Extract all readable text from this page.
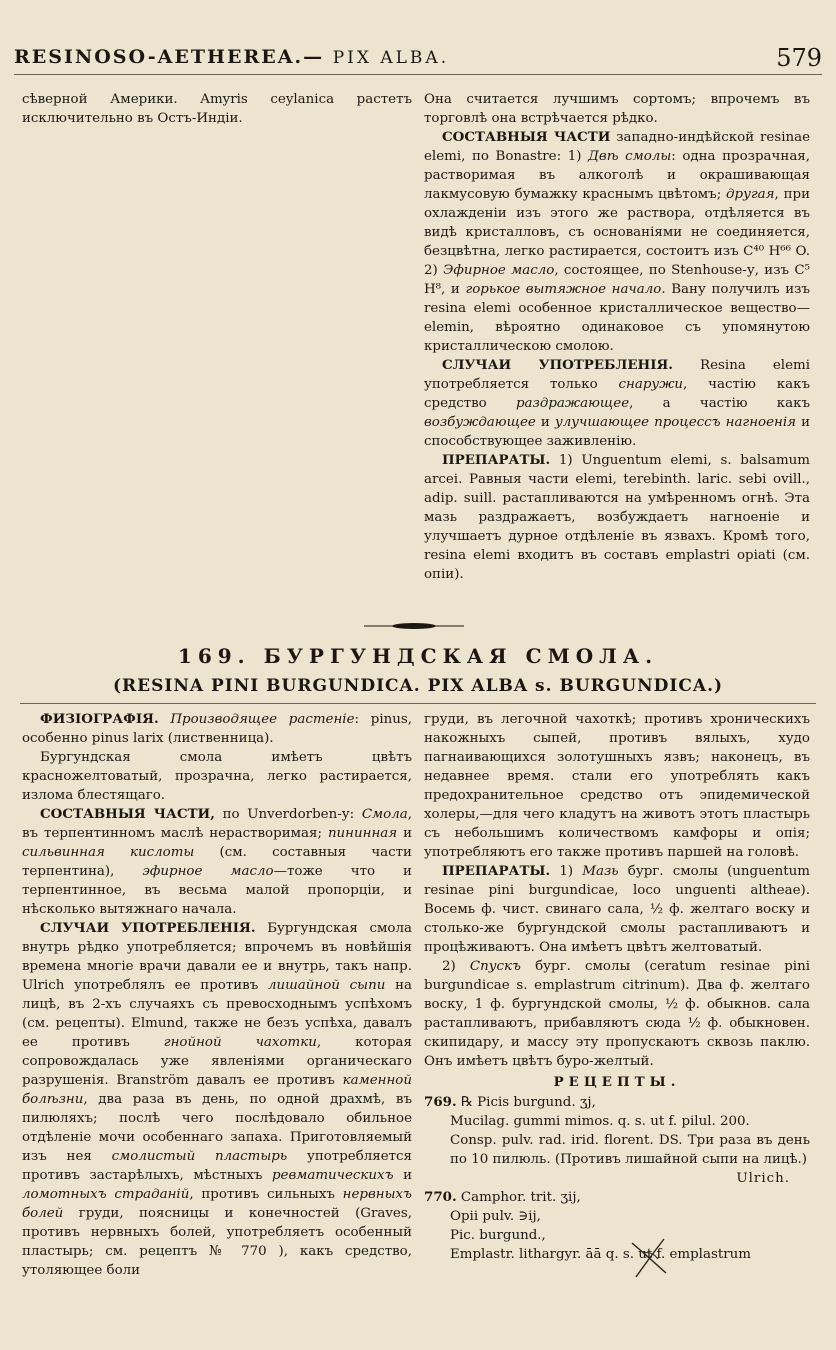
RESINOSO-AETHEREA.— PIX ALBA.	579

сѣверной Америки. Amyris ceylanica растетъ исключительно въ Остъ-Индіи.

Она считается лучшимъ сортомъ; впрочемъ въ торговлѣ она встрѣчается рѣдко.

СОСТАВНЫЯ ЧАСТИ западно-индѣйской resinae elemi, по Bonastre: 1) Двѣ смолы: одна прозрачная, растворимая въ алкоголѣ и окрашивающая лакмусовую бумажку краснымъ цвѣтомъ; другая, при охлажденіи изъ этого же раствора, отдѣляется въ видѣ кристалловъ, съ основаніями не соединяется, безцвѣтна, легко растирается, состоитъ изъ C⁴⁰ H⁶⁶ O. 2) Эфирное масло, состоящее, по Stenhouse-у, изъ C⁵ H⁸, и горькое вытяжное начало. Вану получилъ изъ resina elemi особенное кристаллическое вещество—elemin, вѣроятно одинаковое съ упомянутою кристаллическою смолою.

СЛУЧАИ УПОТРЕБЛЕНІЯ. Resina elemi употребляется только снаружи, частію какъ средство раздражающее, а частію какъ возбуждающее и улучшающее процессъ нагноенія и способствующее заживленію.

ПРЕПАРАТЫ. 1) Unguentum elemi, s. balsamum arcei. Равныя части elemi, terebinth. laric. sebi ovill., adip. suill. растапливаются на умѣренномъ огнѣ. Эта мазь раздражаетъ, возбуждаетъ нагноеніе и улучшаетъ дурное отдѣленіе въ язвахъ. Кромѣ того, resina elemi входитъ въ составъ emplastri opiati (см. опіи).

169. БУРГУНДСКАЯ СМОЛА.
(RESINA PINI BURGUNDICA. PIX ALBA s. BURGUNDICA.)

ФИЗІОГРАФІЯ. Производящее растеніе: pinus, особенно pinus larix (лиственница).

Бургундская смола имѣетъ цвѣтъ красножелтоватый, прозрачна, легко растирается, излома блестящаго.

СОСТАВНЫЯ ЧАСТИ, по Unverdorben-у: Смола, въ терпентинномъ маслѣ нерастворимая; пининная и сильвинная кислоты (см. составныя части терпентина), эфирное масло—тоже что и терпентинное, въ весьма малой пропорціи, и нѣсколько вытяжнаго начала.

СЛУЧАИ УПОТРЕБЛЕНІЯ. Бургундская смола внутрь рѣдко употребляется; впрочемъ въ новѣйшія времена многіе врачи давали ее и внутрь, такъ напр. Ulrich употреблялъ ее противъ лишайной сыпи на лицѣ, въ 2-хъ случаяхъ съ превосходнымъ успѣхомъ (см. рецепты). Elmund, также не безъ успѣха, давалъ ее противъ	гнойной чахотки, которая сопровождалась уже явленіями органическаго разрушенія. Branström давалъ ее противъ каменной болѣзни, два раза въ день, по одной драхмѣ, въ пилюляхъ; послѣ чего послѣдовало обильное отдѣленіе мочи особеннаго запаха. Приготовляемый изъ нея смолистый пластырь употребляется противъ застарѣлыхъ, мѣстныхъ ревматическихъ и ломотныхъ страданій, противъ сильныхъ нервныхъ болей груди, поясницы и конечностей (Graves, противъ нервныхъ болей, употребляетъ особенный пластырь; см. рецептъ № 770 ), какъ средство, утоляющее боли

груди, въ легочной чахоткѣ; противъ хроническихъ накожныхъ сыпей, противъ вялыхъ, худо пагнаивающихся золотушныхъ язвъ; наконецъ, въ недавнее время. стали его употреблять какъ предохранительное средство отъ эпидемической холеры,—для чего кладутъ на животъ этотъ пластырь съ небольшимъ количествомъ камфоры и опія; употребляютъ его также противъ паршей на головѣ.

ПРЕПАРАТЫ. 1) Мазь бург. смолы (unguentum resinae pini burgundicae, loco unguenti altheae). Восемь ф. чист. свинаго сала, ½ ф. желтаго воску и столько-же бургундской смолы растапливаютъ и процѣживаютъ. Она имѣетъ цвѣтъ желтоватый.

2) Спускъ бург. смолы (ceratum resinae pini burgundicae s. emplastrum citrinum). Два ф. желтаго воску, 1 ф. бургундской смолы, ½ ф. обыкнов. сала растапливаютъ, прибавляютъ сюда ½ ф. обыкновен. скипидару, и массу эту пропускаютъ сквозь паклю. Онъ имѣетъ цвѣтъ буро-желтый.

РЕЦЕПТЫ.
769. ℞ Picis burgund. ʒj,
Mucilag. gummi mimos. q. s. ut f. pilul. 200.
Consp. pulv. rad. irid. florent. DS. Три раза въ день по 10 пилюль. (Противъ лишайной сыпи на лицѣ.)
Ulrich.
770. Camphor. trit. ʒij,
Opii pulv. ∋ij,
Pic. burgund.,
Emplastr. lithargyr. āā q. s. ut f. emplastrum
